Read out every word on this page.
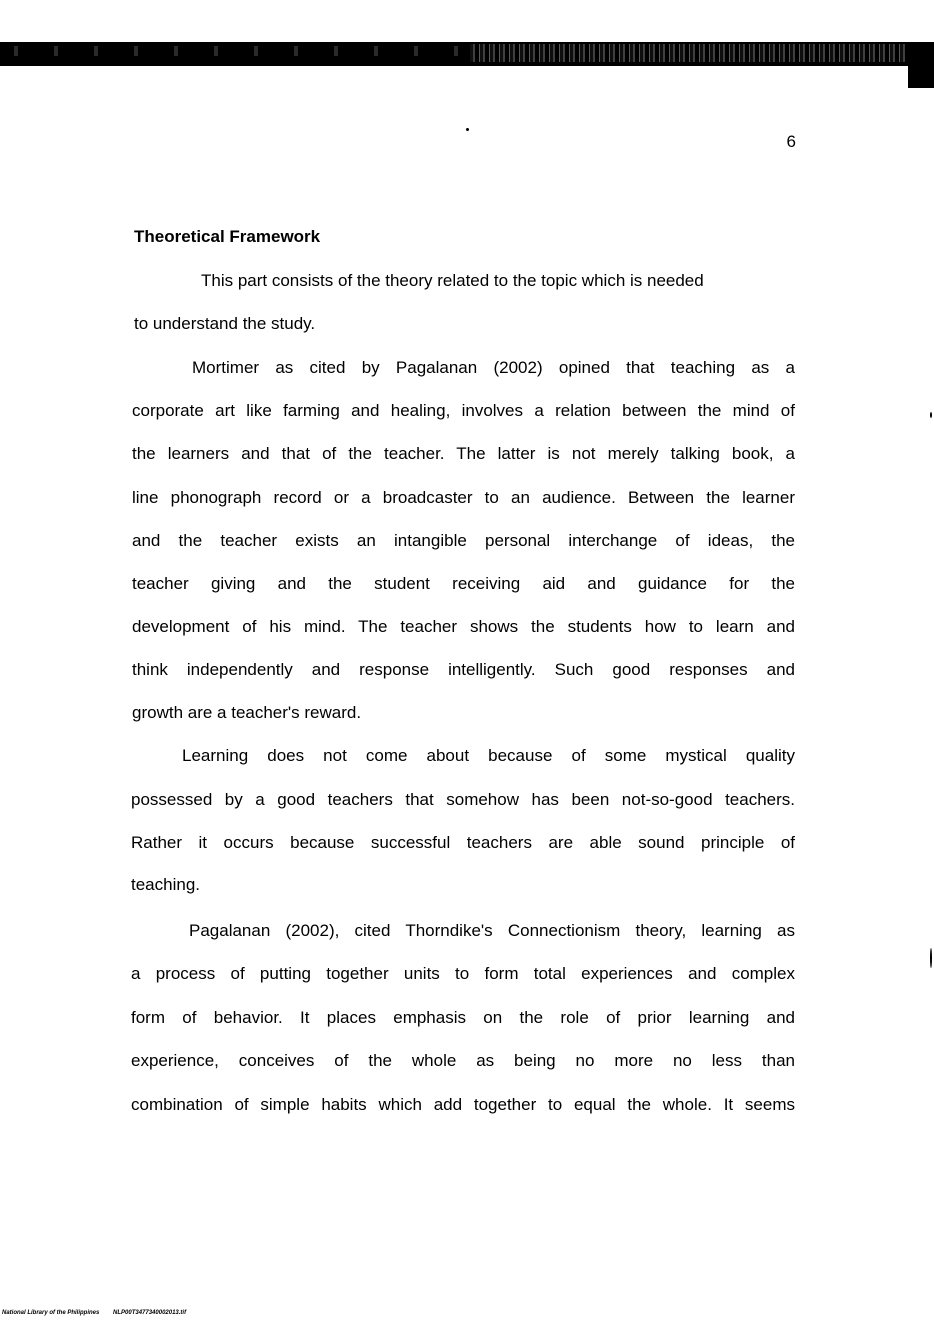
6
Theoretical Framework
This part consists of the theory related to the topic which is needed
to understand the study.
Mortimer as cited by Pagalanan (2002) opined that teaching as a
corporate art like farming and healing, involves a relation between the mind of
the learners and that of the teacher. The latter is not merely talking book, a
line phonograph record or a broadcaster to an audience. Between the learner
and the teacher exists an intangible personal interchange of ideas, the
teacher giving and the student receiving aid and guidance for the
development of his mind. The teacher shows the students how to learn and
think independently and response intelligently. Such good responses and
growth are a teacher's reward.
Learning does not come about because of some mystical quality
possessed by a good teachers that somehow has been not-so-good teachers.
Rather it occurs because successful teachers are able sound principle of
teaching.
Pagalanan (2002), cited Thorndike's Connectionism theory, learning as
a process of putting together units to form total experiences and complex
form of behavior. It places emphasis on the role of prior learning and
experience, conceives of the whole as being no more no less than
combination of simple habits which add together to equal the whole. It seems
National Library of the Philippines NLP00T3477340002013.tif
